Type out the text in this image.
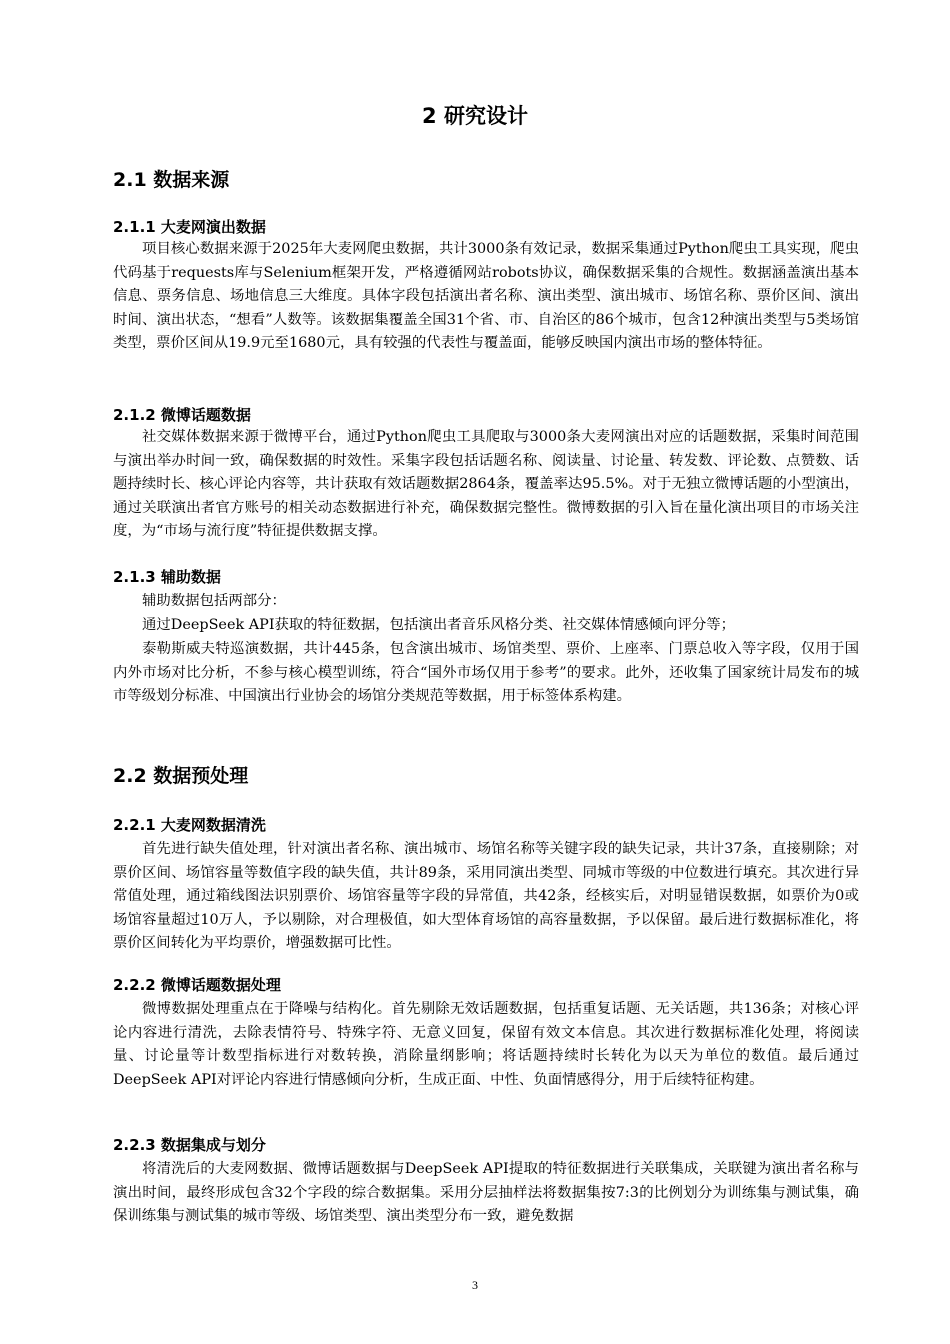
2 研究设计
2.1 数据来源
2.1.1 大麦网演出数据

项目核心数据来源于2025年大麦网爬虫数据，共计3000条有效记录，数据采集通过Python爬虫工具实现，爬虫代码基于requests库与Selenium框架开发，严格遵循网站robots协议，确保数据采集的合规性。数据涵盖演出基本信息、票务信息、场地信息三大维度。具体字段包括演出者名称、演出类型、演出城市、场馆名称、票价区间、演出时间、演出状态，“想看”人数等。该数据集覆盖全国31个省、市、自治区的86个城市，包含12种演出类型与5类场馆类型，票价区间从19.9元至1680元，具有较强的代表性与覆盖面，能够反映国内演出市场的整体特征。

2.1.2 微博话题数据

社交媒体数据来源于微博平台，通过Python爬虫工具爬取与3000条大麦网演出对应的话题数据，采集时间范围与演出举办时间一致，确保数据的时效性。采集字段包括话题名称、阅读量、讨论量、转发数、评论数、点赞数、话题持续时长、核心评论内容等，共计获取有效话题数据2864条，覆盖率达95.5%。对于无独立微博话题的小型演出，通过关联演出者官方账号的相关动态数据进行补充，确保数据完整性。微博数据的引入旨在量化演出项目的市场关注度，为“市场与流行度”特征提供数据支撑。

2.1.3 辅助数据

辅助数据包括两部分：

通过DeepSeek API获取的特征数据，包括演出者音乐风格分类、社交媒体情感倾向评分等；

泰勒斯威夫特巡演数据，共计445条，包含演出城市、场馆类型、票价、上座率、门票总收入等字段，仅用于国内外市场对比分析，不参与核心模型训练，符合“国外市场仅用于参考”的要求。此外，还收集了国家统计局发布的城市等级划分标准、中国演出行业协会的场馆分类规范等数据，用于标签体系构建。

2.2 数据预处理
2.2.1 大麦网数据清洗

首先进行缺失值处理，针对演出者名称、演出城市、场馆名称等关键字段的缺失记录，共计37条，直接剔除；对票价区间、场馆容量等数值字段的缺失值，共计89条，采用同演出类型、同城市等级的中位数进行填充。其次进行异常值处理，通过箱线图法识别票价、场馆容量等字段的异常值，共42条，经核实后，对明显错误数据，如票价为0或场馆容量超过10万人，予以剔除，对合理极值，如大型体育场馆的高容量数据，予以保留。最后进行数据标准化，将票价区间转化为平均票价，增强数据可比性。

2.2.2 微博话题数据处理

微博数据处理重点在于降噪与结构化。首先剔除无效话题数据，包括重复话题、无关话题，共136条；对核心评论内容进行清洗，去除表情符号、特殊字符、无意义回复，保留有效文本信息。其次进行数据标准化处理，将阅读量、讨论量等计数型指标进行对数转换，消除量纲影响；将话题持续时长转化为以天为单位的数值。最后通过DeepSeek API对评论内容进行情感倾向分析，生成正面、中性、负面情感得分，用于后续特征构建。

2.2.3 数据集成与划分

将清洗后的大麦网数据、微博话题数据与DeepSeek API提取的特征数据进行关联集成，关联键为演出者名称与演出时间，最终形成包含32个字段的综合数据集。采用分层抽样法将数据集按7:3的比例划分为训练集与测试集，确保训练集与测试集的城市等级、场馆类型、演出类型分布一致，避免数据

3
